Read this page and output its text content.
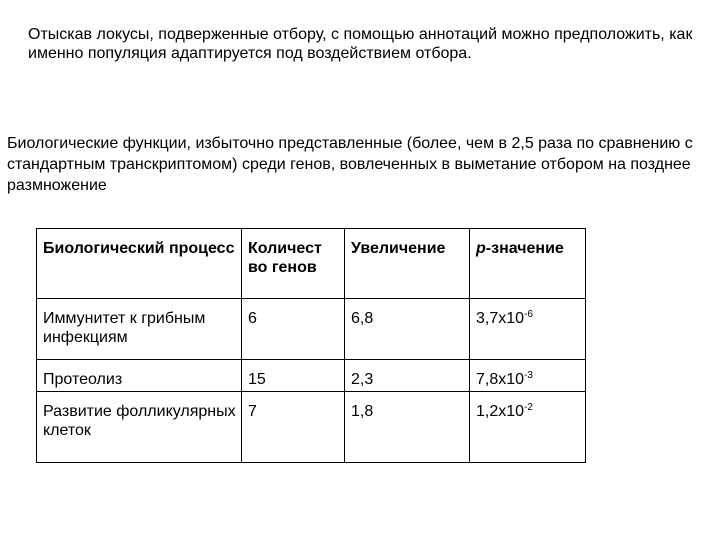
Отыскав локусы, подверженные отбору, с помощью аннотаций можно предположить, как именно популяция адаптируется под воздействием отбора.

Биологические функции, избыточно представленные (более, чем в 2,5 раза по сравнению с стандартным транскриптомом) среди генов, вовлеченных в выметание отбором на позднее размножение

Биологический процесс	Количест во генов	Увеличение	p-значение
Иммунитет к грибным инфекциям	6	6,8	$3,7x10^{-6}$
Протеолиз	15	2,3	$7,8x10^{-3}$
Развитие фолликулярных клеток	7	1,8	$1,2x10^{-2}$
